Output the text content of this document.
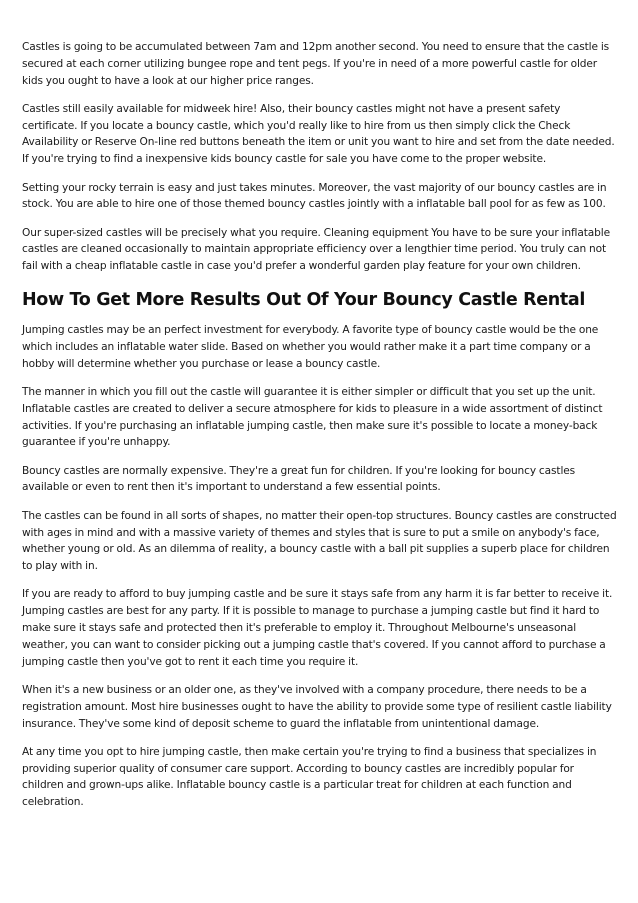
Castles is going to be accumulated between 7am and 12pm another second. You need to ensure that the castle is secured at each corner utilizing bungee rope and tent pegs. If you're in need of a more powerful castle for older kids you ought to have a look at our higher price ranges.

Castles still easily available for midweek hire! Also, their bouncy castles might not have a present safety certificate. If you locate a bouncy castle, which you'd really like to hire from us then simply click the Check Availability or Reserve On-line red buttons beneath the item or unit you want to hire and set from the date needed. If you're trying to find a inexpensive kids bouncy castle for sale you have come to the proper website.

Setting your rocky terrain is easy and just takes minutes. Moreover, the vast majority of our bouncy castles are in stock. You are able to hire one of those themed bouncy castles jointly with a inflatable ball pool for as few as 100.

Our super-sized castles will be precisely what you require. Cleaning equipment You have to be sure your inflatable castles are cleaned occasionally to maintain appropriate efficiency over a lengthier time period. You truly can not fail with a cheap inflatable castle in case you'd prefer a wonderful garden play feature for your own children.

How To Get More Results Out Of Your Bouncy Castle Rental

Jumping castles may be an perfect investment for everybody. A favorite type of bouncy castle would be the one which includes an inflatable water slide. Based on whether you would rather make it a part time company or a hobby will determine whether you purchase or lease a bouncy castle.

The manner in which you fill out the castle will guarantee it is either simpler or difficult that you set up the unit. Inflatable castles are created to deliver a secure atmosphere for kids to pleasure in a wide assortment of distinct activities. If you're purchasing an inflatable jumping castle, then make sure it's possible to locate a money-back guarantee if you're unhappy.

Bouncy castles are normally expensive. They're a great fun for children. If you're looking for bouncy castles available or even to rent then it's important to understand a few essential points.

The castles can be found in all sorts of shapes, no matter their open-top structures. Bouncy castles are constructed with ages in mind and with a massive variety of themes and styles that is sure to put a smile on anybody's face, whether young or old. As an dilemma of reality, a bouncy castle with a ball pit supplies a superb place for children to play with in.

If you are ready to afford to buy jumping castle and be sure it stays safe from any harm it is far better to receive it. Jumping castles are best for any party. If it is possible to manage to purchase a jumping castle but find it hard to make sure it stays safe and protected then it's preferable to employ it. Throughout Melbourne's unseasonal weather, you can want to consider picking out a jumping castle that's covered. If you cannot afford to purchase a jumping castle then you've got to rent it each time you require it.

When it's a new business or an older one, as they've involved with a company procedure, there needs to be a registration amount. Most hire businesses ought to have the ability to provide some type of resilient castle liability insurance. They've some kind of deposit scheme to guard the inflatable from unintentional damage.

At any time you opt to hire jumping castle, then make certain you're trying to find a business that specializes in providing superior quality of consumer care support. According to bouncy castles are incredibly popular for children and grown-ups alike. Inflatable bouncy castle is a particular treat for children at each function and celebration.
